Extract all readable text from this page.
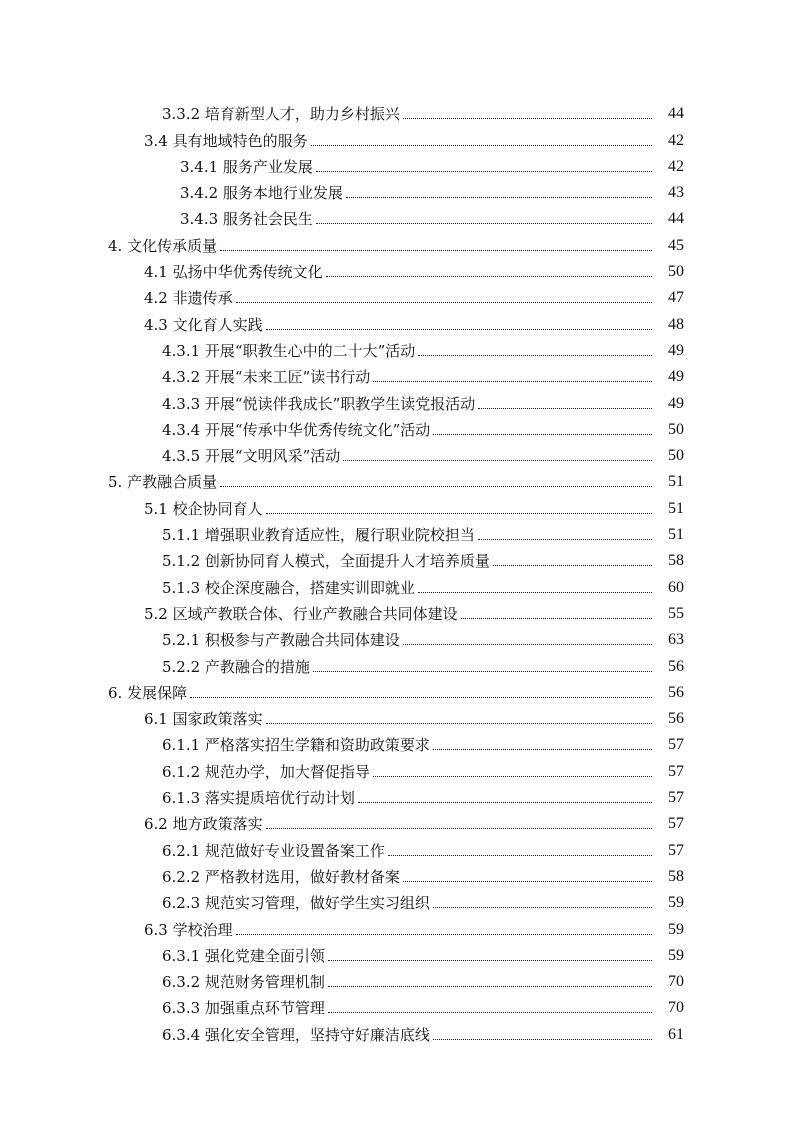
3.3.2 培育新型人才，助力乡村振兴	44
3.4 具有地域特色的服务	42
3.4.1 服务产业发展	42
3.4.2 服务本地行业发展	43
3.4.3 服务社会民生	44
4. 文化传承质量	45
4.1 弘扬中华优秀传统文化	50
4.2 非遗传承	47
4.3 文化育人实践	48
4.3.1 开展“职教生心中的二十大”活动	49
4.3.2 开展“未来工匠”读书行动	49
4.3.3 开展“悦读伴我成长”职教学生读党报活动	49
4.3.4 开展“传承中华优秀传统文化”活动	50
4.3.5 开展“文明风采”活动	50
5. 产教融合质量	51
5.1 校企协同育人	51
5.1.1 增强职业教育适应性，履行职业院校担当	51
5.1.2 创新协同育人模式，全面提升人才培养质量	58
5.1.3 校企深度融合，搭建实训即就业	60
5.2 区域产教联合体、行业产教融合共同体建设	55
5.2.1 积极参与产教融合共同体建设	63
5.2.2 产教融合的措施	56
6. 发展保障	56
6.1 国家政策落实	56
6.1.1 严格落实招生学籍和资助政策要求	57
6.1.2 规范办学，加大督促指导	57
6.1.3 落实提质培优行动计划	57
6.2 地方政策落实	57
6.2.1 规范做好专业设置备案工作	57
6.2.2 严格教材选用，做好教材备案	58
6.2.3 规范实习管理，做好学生实习组织	59
6.3 学校治理	59
6.3.1 强化党建全面引领	59
6.3.2 规范财务管理机制	70
6.3.3 加强重点环节管理	70
6.3.4 强化安全管理，坚持守好廉洁底线	61
